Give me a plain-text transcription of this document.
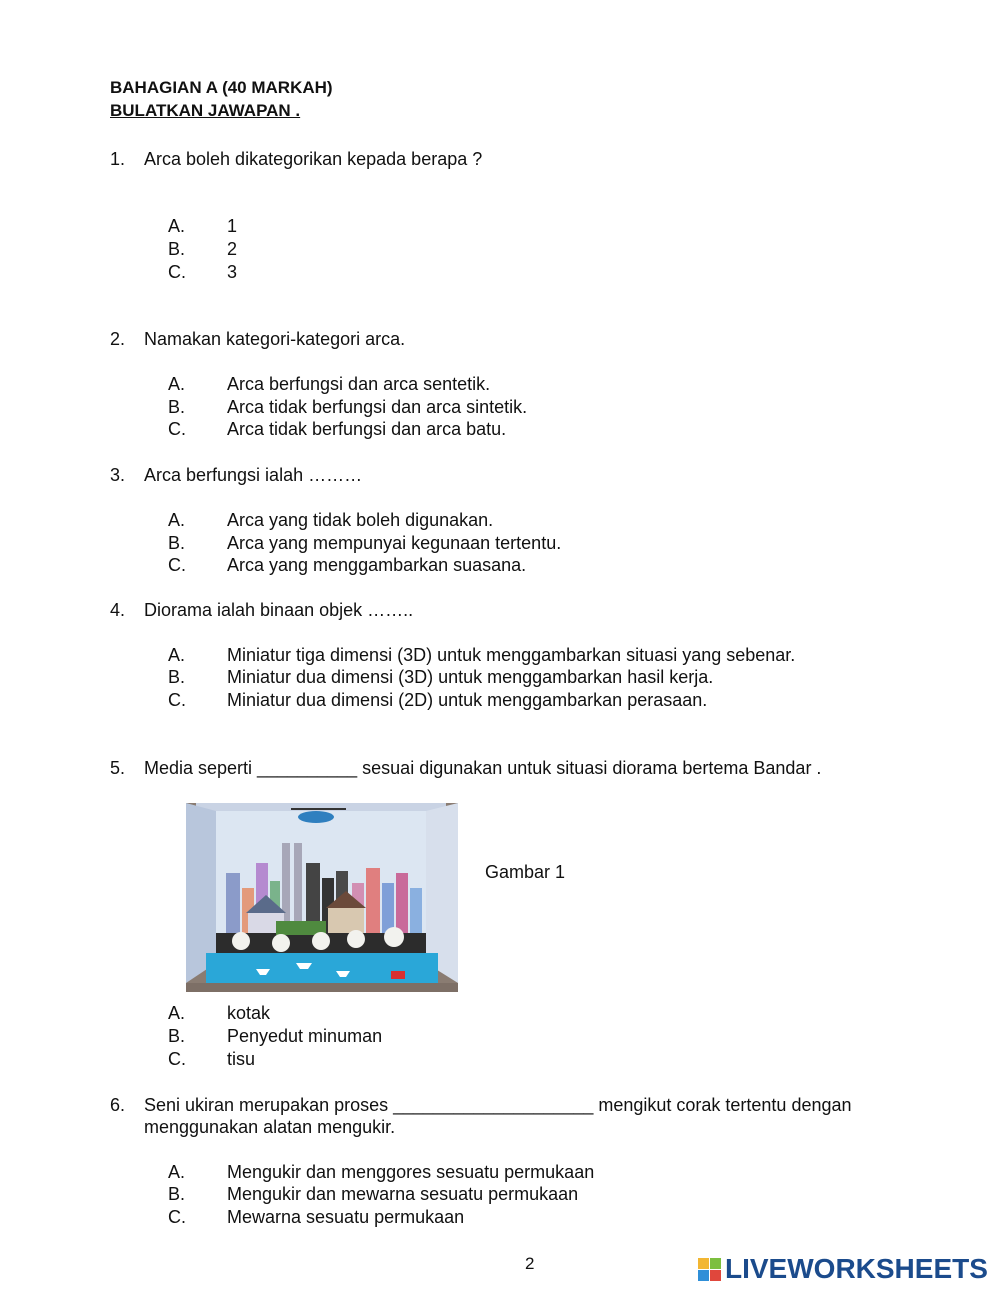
BAHAGIAN A (40 MARKAH)
BULATKAN JAWAPAN .
1. Arca boleh dikategorikan kepada berapa ?
A. 1
B. 2
C. 3
2. Namakan kategori-kategori arca.
A. Arca berfungsi dan arca sentetik.
B. Arca tidak berfungsi dan arca sintetik.
C. Arca tidak berfungsi dan arca batu.
3. Arca berfungsi ialah ………
A. Arca yang tidak boleh digunakan.
B. Arca yang mempunyai kegunaan tertentu.
C. Arca yang menggambarkan suasana.
4. Diorama ialah binaan objek ……..
A. Miniatur tiga dimensi (3D) untuk menggambarkan situasi yang sebenar.
B. Miniatur dua dimensi (3D) untuk menggambarkan hasil kerja.
C. Miniatur dua dimensi (2D) untuk menggambarkan perasaan.
5. Media seperti __________ sesuai digunakan untuk situasi diorama bertema Bandar .
Gambar 1
A. kotak
B. Penyedut minuman
C. tisu
6. Seni ukiran merupakan proses ____________________ mengikut corak tertentu dengan
menggunakan alatan mengukir.
A. Mengukir dan menggores sesuatu permukaan
B. Mengukir dan mewarna sesuatu permukaan
C. Mewarna sesuatu permukaan
2	LIVEWORKSHEETS
